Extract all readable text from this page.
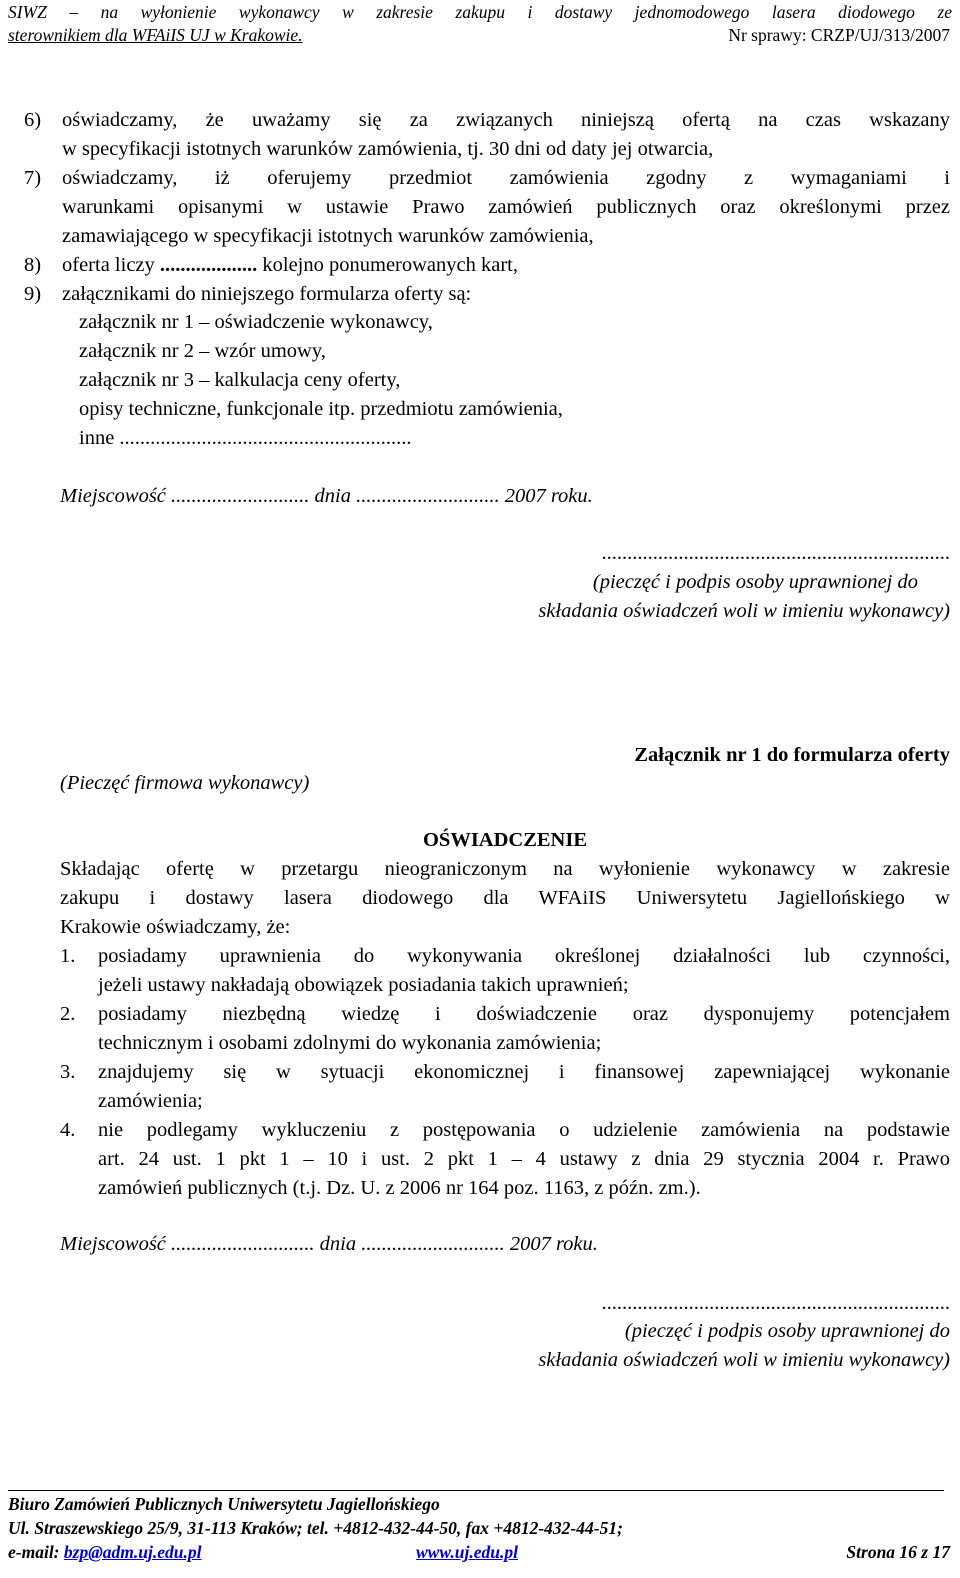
SIWZ – na wyłonienie wykonawcy w zakresie zakupu i dostawy jednomodowego lasera diodowego ze
sterownikiem dla WFAiIS UJ w Krakowie.	Nr sprawy: CRZP/UJ/313/2007
6) oświadczamy, że uważamy się za związanych niniejszą ofertą na czas wskazany
w specyfikacji istotnych warunków zamówienia, tj. 30 dni od daty jej otwarcia,
7) oświadczamy, iż oferujemy przedmiot zamówienia zgodny z wymaganiami i
warunkami opisanymi w ustawie Prawo zamówień publicznych oraz określonymi przez
zamawiającego w specyfikacji istotnych warunków zamówienia,
8) oferta liczy ................... kolejno ponumerowanych kart,
9) załącznikami do niniejszego formularza oferty są:
załącznik nr 1 – oświadczenie wykonawcy,
załącznik nr 2 – wzór umowy,
załącznik nr 3 – kalkulacja ceny oferty,
opisy techniczne, funkcjonale itp. przedmiotu zamówienia,
inne .........................................................
Miejscowość ........................... dnia ............................ 2007 roku.
....................................................................
(pieczęć i podpis osoby uprawnionej do
składania oświadczeń woli w imieniu wykonawcy)
Załącznik nr 1 do formularza oferty
(Pieczęć firmowa wykonawcy)
OŚWIADCZENIE
Składając ofertę w przetargu nieograniczonym na wyłonienie wykonawcy w zakresie
zakupu i dostawy lasera diodowego dla WFAiIS Uniwersytetu Jagiellońskiego w
Krakowie oświadczamy, że:
1. posiadamy uprawnienia do wykonywania określonej działalności lub czynności,
jeżeli ustawy nakładają obowiązek posiadania takich uprawnień;
2. posiadamy niezbędną wiedzę i doświadczenie oraz dysponujemy potencjałem
technicznym i osobami zdolnymi do wykonania zamówienia;
3. znajdujemy się w sytuacji ekonomicznej i finansowej zapewniającej wykonanie
zamówienia;
4. nie podlegamy wykluczeniu z postępowania o udzielenie zamówienia na podstawie
art. 24 ust. 1 pkt 1 – 10 i ust. 2 pkt 1 – 4 ustawy z dnia 29 stycznia 2004 r. Prawo
zamówień publicznych (t.j. Dz. U. z 2006 nr 164 poz. 1163, z późn. zm.).
Miejscowość ............................ dnia ............................ 2007 roku.
....................................................................
(pieczęć i podpis osoby uprawnionej do
składania oświadczeń woli w imieniu wykonawcy)
Biuro Zamówień Publicznych Uniwersytetu Jagiellońskiego
Ul. Straszewskiego 25/9, 31-113 Kraków; tel. +4812-432-44-50, fax +4812-432-44-51;
e-mail: bzp@adm.uj.edu.pl	www.uj.edu.pl	Strona 16 z 17
